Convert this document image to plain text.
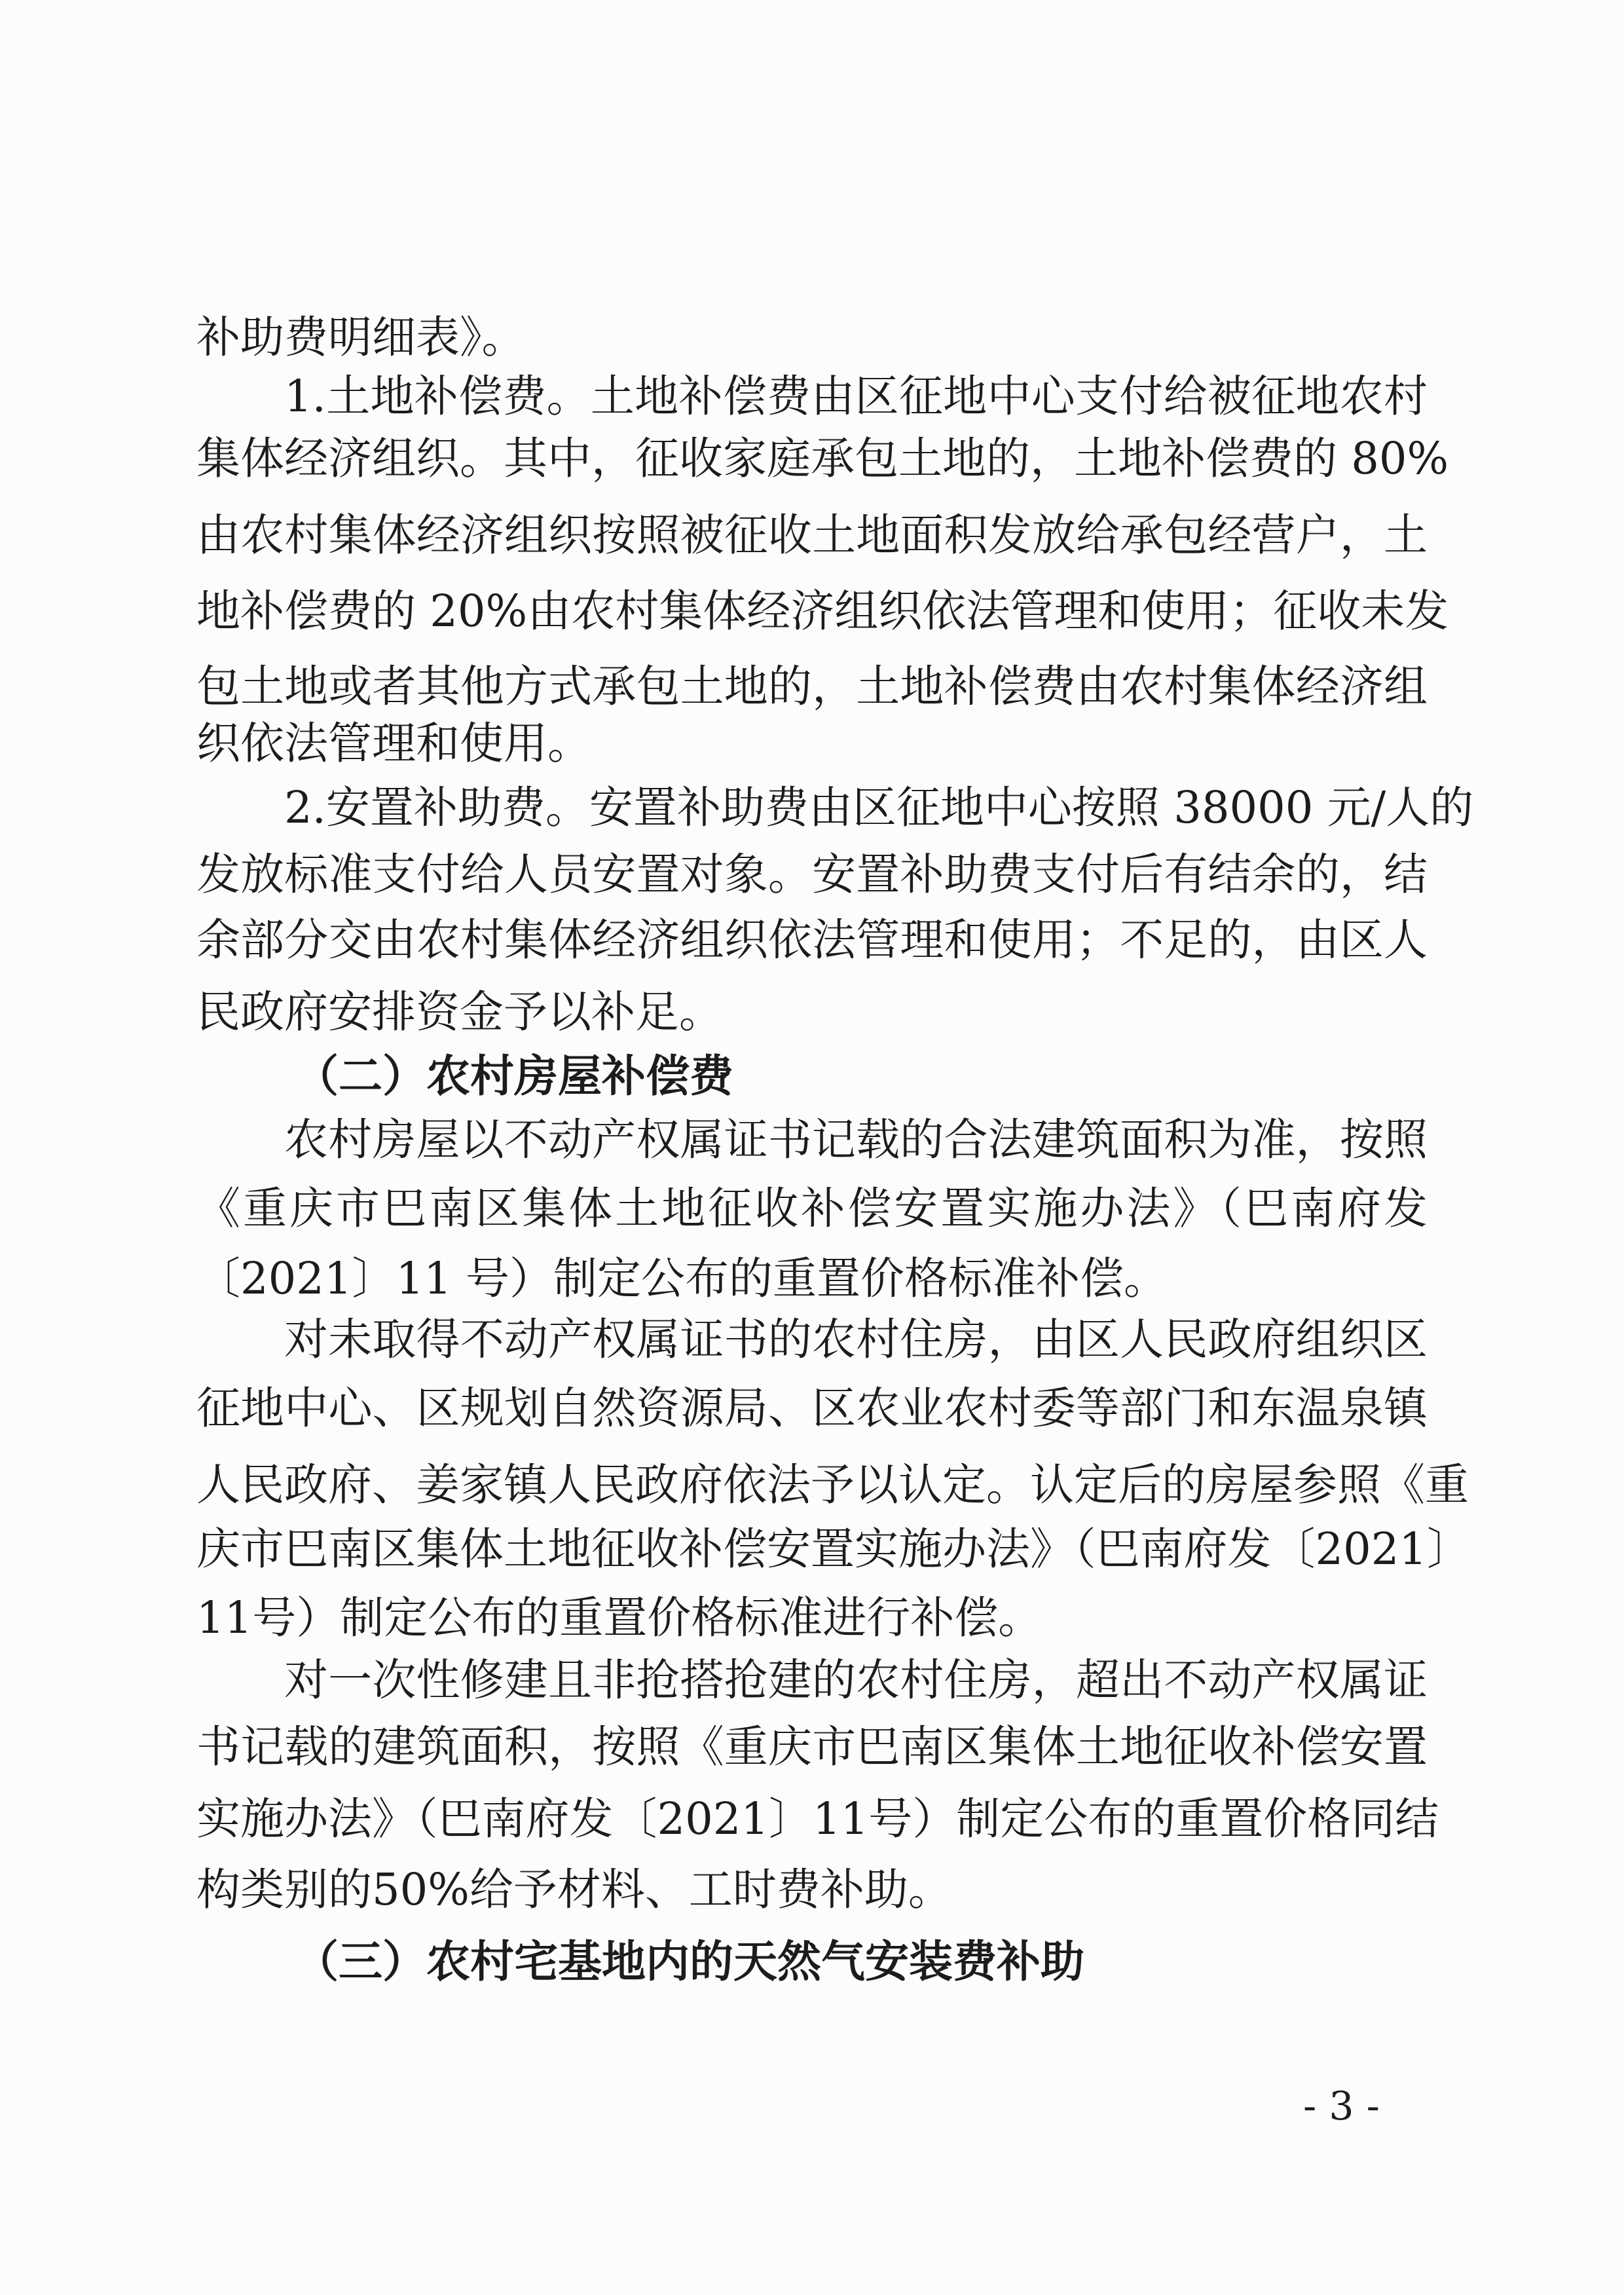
补助费明细表》。
1.土地补偿费。土地补偿费由区征地中心支付给被征地农村
集体经济组织。其中，征收家庭承包土地的，土地补偿费的 80%
由农村集体经济组织按照被征收土地面积发放给承包经营户，土
地补偿费的 20%由农村集体经济组织依法管理和使用；征收未发
包土地或者其他方式承包土地的，土地补偿费由农村集体经济组
织依法管理和使用。
2.安置补助费。安置补助费由区征地中心按照 38000 元/人的
发放标准支付给人员安置对象。安置补助费支付后有结余的，结
余部分交由农村集体经济组织依法管理和使用；不足的，由区人
民政府安排资金予以补足。
（二）农村房屋补偿费
农村房屋以不动产权属证书记载的合法建筑面积为准，按照
《重庆市巴南区集体土地征收补偿安置实施办法》（巴南府发
〔2021〕11 号）制定公布的重置价格标准补偿。
对未取得不动产权属证书的农村住房，由区人民政府组织区
征地中心、区规划自然资源局、区农业农村委等部门和东温泉镇
人民政府、姜家镇人民政府依法予以认定。认定后的房屋参照《重
庆市巴南区集体土地征收补偿安置实施办法》（巴南府发〔2021〕
11号）制定公布的重置价格标准进行补偿。
对一次性修建且非抢搭抢建的农村住房，超出不动产权属证
书记载的建筑面积，按照《重庆市巴南区集体土地征收补偿安置
实施办法》（巴南府发〔2021〕11号）制定公布的重置价格同结
构类别的50%给予材料、工时费补助。
（三）农村宅基地内的天然气安装费补助
- 3 -
